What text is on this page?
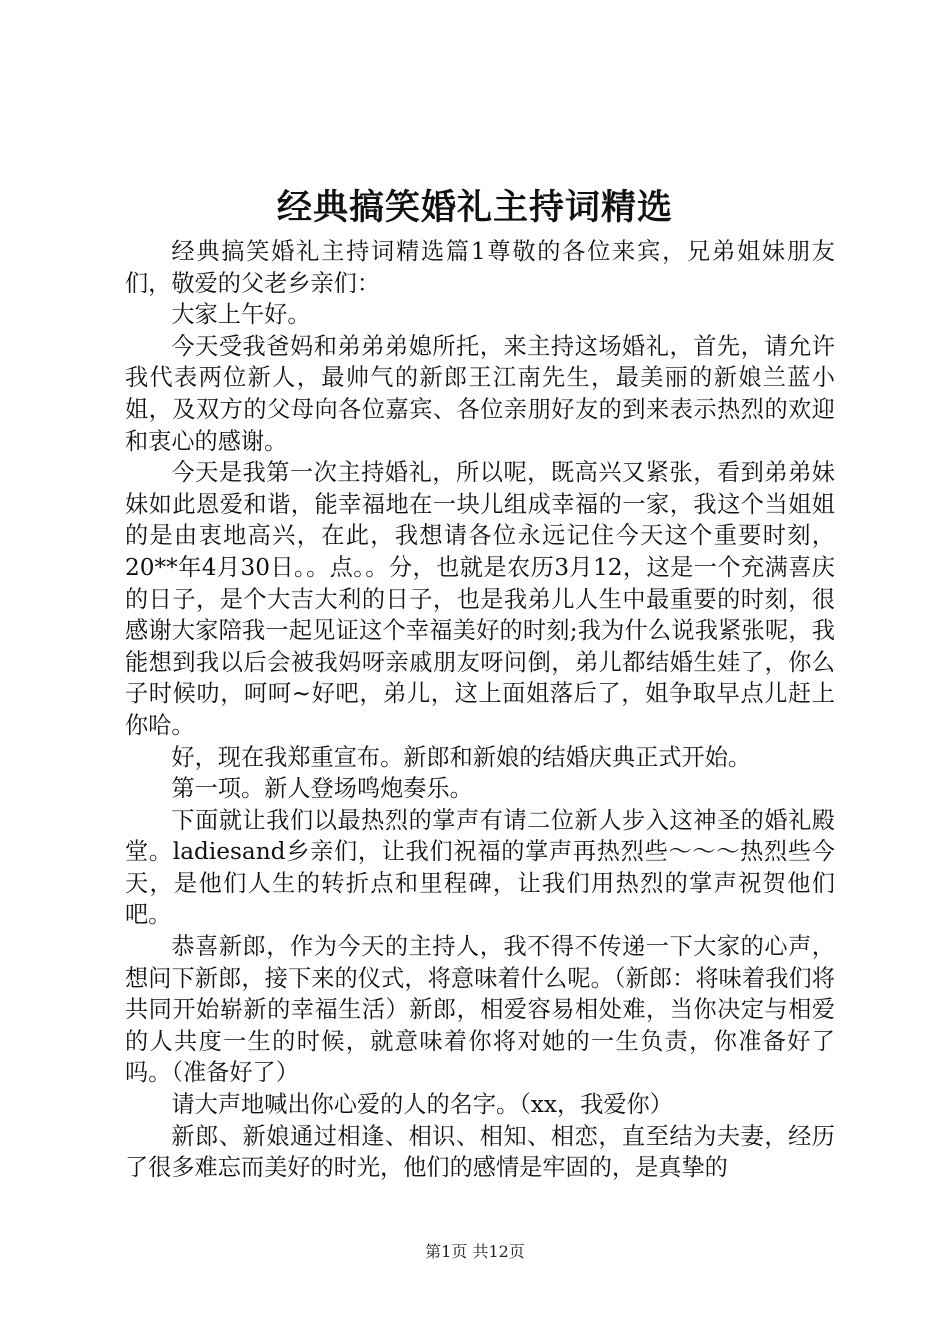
经典搞笑婚礼主持词精选

经典搞笑婚礼主持词精选篇1尊敬的各位来宾，兄弟姐妹朋友们，敬爱的父老乡亲们：

大家上午好。

今天受我爸妈和弟弟弟媳所托，来主持这场婚礼，首先，请允许我代表两位新人，最帅气的新郎王江南先生，最美丽的新娘兰蓝小姐，及双方的父母向各位嘉宾、各位亲朋好友的到来表示热烈的欢迎和衷心的感谢。

今天是我第一次主持婚礼，所以呢，既高兴又紧张，看到弟弟妹妹如此恩爱和谐，能幸福地在一块儿组成幸福的一家，我这个当姐姐的是由衷地高兴，在此，我想请各位永远记住今天这个重要时刻，20**年4月30日。。点。。分，也就是农历3月12，这是一个充满喜庆的日子，是个大吉大利的日子，也是我弟儿人生中最重要的时刻，很感谢大家陪我一起见证这个幸福美好的时刻;我为什么说我紧张呢，我能想到我以后会被我妈呀亲戚朋友呀问倒，弟儿都结婚生娃了，你么子时候叻，呵呵~好吧，弟儿，这上面姐落后了，姐争取早点儿赶上你哈。

好，现在我郑重宣布。新郎和新娘的结婚庆典正式开始。

第一项。新人登场鸣炮奏乐。

下面就让我们以最热烈的掌声有请二位新人步入这神圣的婚礼殿堂。ladiesand乡亲们，让我们祝福的掌声再热烈些～～～热烈些今天，是他们人生的转折点和里程碑，让我们用热烈的掌声祝贺他们吧。

恭喜新郎，作为今天的主持人，我不得不传递一下大家的心声，想问下新郎，接下来的仪式，将意味着什么呢。（新郎：将味着我们将共同开始崭新的幸福生活）新郎，相爱容易相处难，当你决定与相爱的人共度一生的时候，就意味着你将对她的一生负责，你准备好了吗。（准备好了）

请大声地喊出你心爱的人的名字。（xx，我爱你）

新郎、新娘通过相逢、相识、相知、相恋，直至结为夫妻，经历了很多难忘而美好的时光，他们的感情是牢固的，是真挚的

第1页 共12页
